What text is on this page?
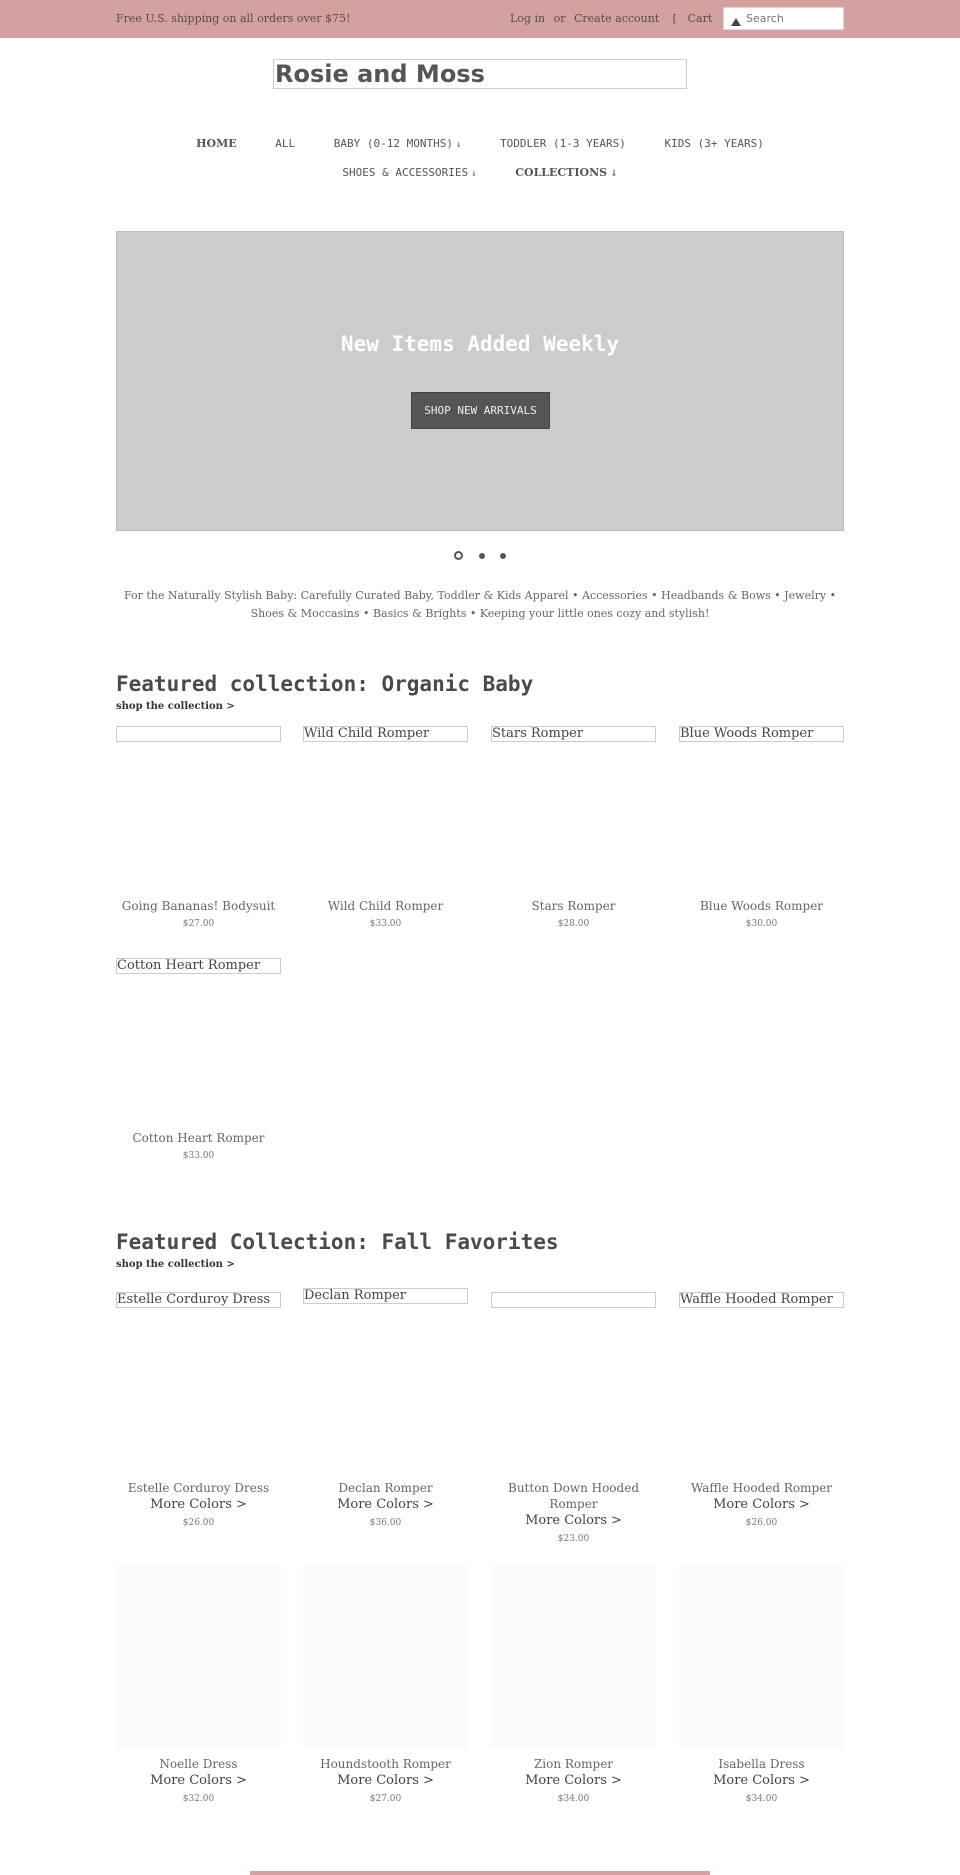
Free U.S. shipping on all orders over $75!	Log in or Create account	[ Cart
Search
Rosie and Moss
HOME	ALL	BABY (0-12 MONTHS) ↓	TODDLER (1-3 YEARS)	KIDS (3+ YEARS)
SHOES & ACCESSORIES ↓	COLLECTIONS ↓
New Items Added Weekly
SHOP NEW ARRIVALS

For the Naturally Stylish Baby: Carefully Curated Baby, Toddler & Kids Apparel • Accessories • Headbands & Bows • Jewelry • Shoes & Moccasins • Basics & Brights • Keeping your little ones cozy and stylish!
Featured collection: Organic Baby
shop the collection >
Going Bananas! Bodysuit
$27.00
Wild Child Romper
Wild Child Romper
$33.00
Stars Romper
Stars Romper
$28.00
Blue Woods Romper
Blue Woods Romper
$30.00
Cotton Heart Romper
Cotton Heart Romper
$33.00
Featured Collection: Fall Favorites
shop the collection >
Estelle Corduroy Dress
Estelle Corduroy Dress
More Colors >
$26.00
Declan Romper
Declan Romper
More Colors >
$36.00
Button Down Hooded Romper
More Colors >
$23.00
Waffle Hooded Romper
Waffle Hooded Romper
More Colors >
$26.00
Noelle Dress
More Colors >
$32.00
Houndstooth Romper
More Colors >
$27.00
Zion Romper
More Colors >
$34.00
Isabella Dress
More Colors >
$34.00
